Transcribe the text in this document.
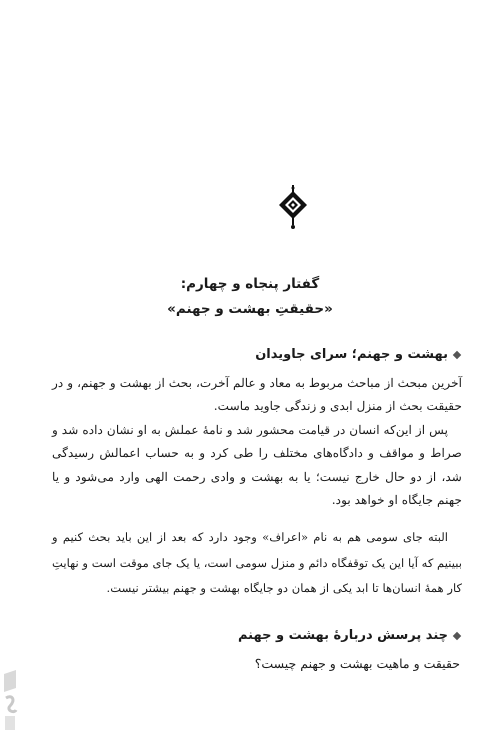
گفتار پنجاه و چهارم:
«حقیقتِ بهشت و جهنم»
بهشت و جهنم؛ سرای جاویدان
آخرین مبحث از مباحث مربوط به معاد و عالم آخرت، بحث از بهشت و جهنم، و در حقیقت بحث از منزل ابدی و زندگی جاوید ماست.
پس از این‌که انسان در قیامت محشور شد و نامهٔ عملش به او نشان داده شد و صراط و مواقف و دادگاه‌های مختلف را طی کرد و به حساب اعمالش رسیدگی شد، از دو حال خارج نیست؛ یا به بهشت و وادی رحمت الهی وارد می‌شود و یا جهنم جایگاه او خواهد بود.
البته جای سومی هم به نام «اعراف» وجود دارد که بعد از این باید بحث کنیم و ببینیم که آیا این یک توقفگاه دائم و منزل سومی است، یا یک جای موقت است و نهایتِ کار همهٔ انسان‌ها تا ابد یکی از همان دو جایگاه بهشت و جهنم بیشتر نیست.
چند پرسش دربارهٔ بهشت و جهنم
حقیقت و ماهیت بهشت و جهنم چیست؟
